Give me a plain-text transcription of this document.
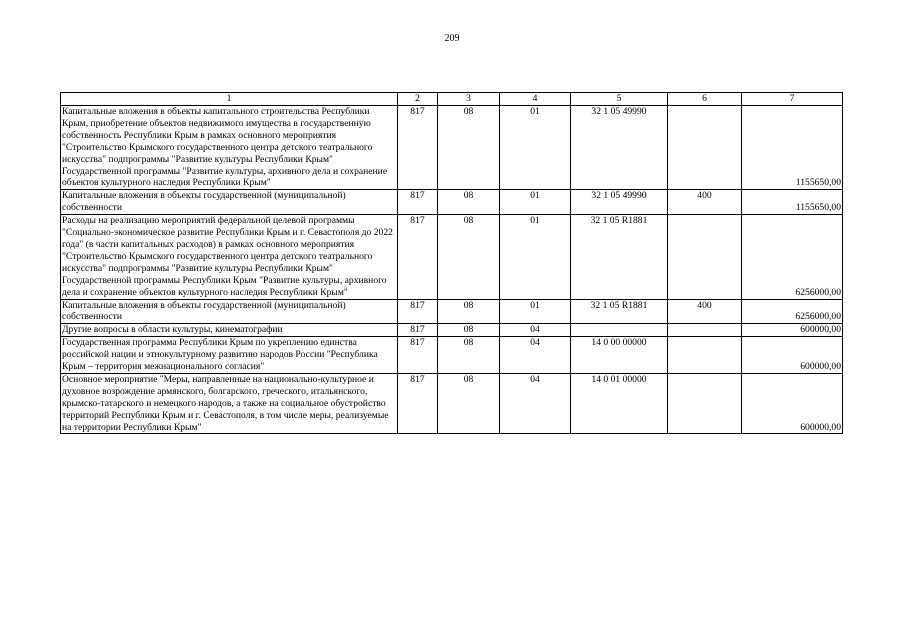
209
1	2	3	4	5	6	7
Капитальные вложения в объекты капитального строительства Республики Крым, приобретение объектов недвижимого имущества в государственную собственность Республики Крым в рамках основного мероприятия "Строительство Крымского государственного центра детского театрального искусства" подпрограммы "Развитие культуры Республики Крым" Государственной программы "Развитие культуры, архивного дела и сохранение объектов культурного наследия Республики Крым"	817	08	01	32 1 05 49990		1155650,00
Капитальные вложения в объекты государственной (муниципальной) собственности	817	08	01	32 1 05 49990	400	1155650,00
Расходы на реализацию мероприятий федеральной целевой программы "Социально-экономическое развитие Республики Крым и г. Севастополя до 2022 года" (в части капитальных расходов) в рамках основного мероприятия "Строительство Крымского государственного центра детского театрального искусства" подпрограммы "Развитие культуры Республики Крым" Государственной программы Республики Крым "Развитие культуры, архивного дела и сохранение объектов культурного наследия Республики Крым"	817	08	01	32 1 05 R1881		6256000,00
Капитальные вложения в объекты государственной (муниципальной) собственности	817	08	01	32 1 05 R1881	400	6256000,00
Другие вопросы в области культуры, кинематографии	817	08	04			600000,00
Государственная программа Республики Крым по укреплению единства российской нации и этнокультурному развитию народов России "Республика Крым – территория межнационального согласия"	817	08	04	14 0 00 00000		600000,00
Основное мероприятие "Меры, направленные на национально-культурное и духовное возрождение армянского, болгарского, греческого, итальянского, крымско-татарского и немецкого народов, а также на социальное обустройство территорий Республики Крым и г. Севастополя, в том числе меры, реализуемые на территории Республики Крым"	817	08	04	14 0 01 00000		600000,00
